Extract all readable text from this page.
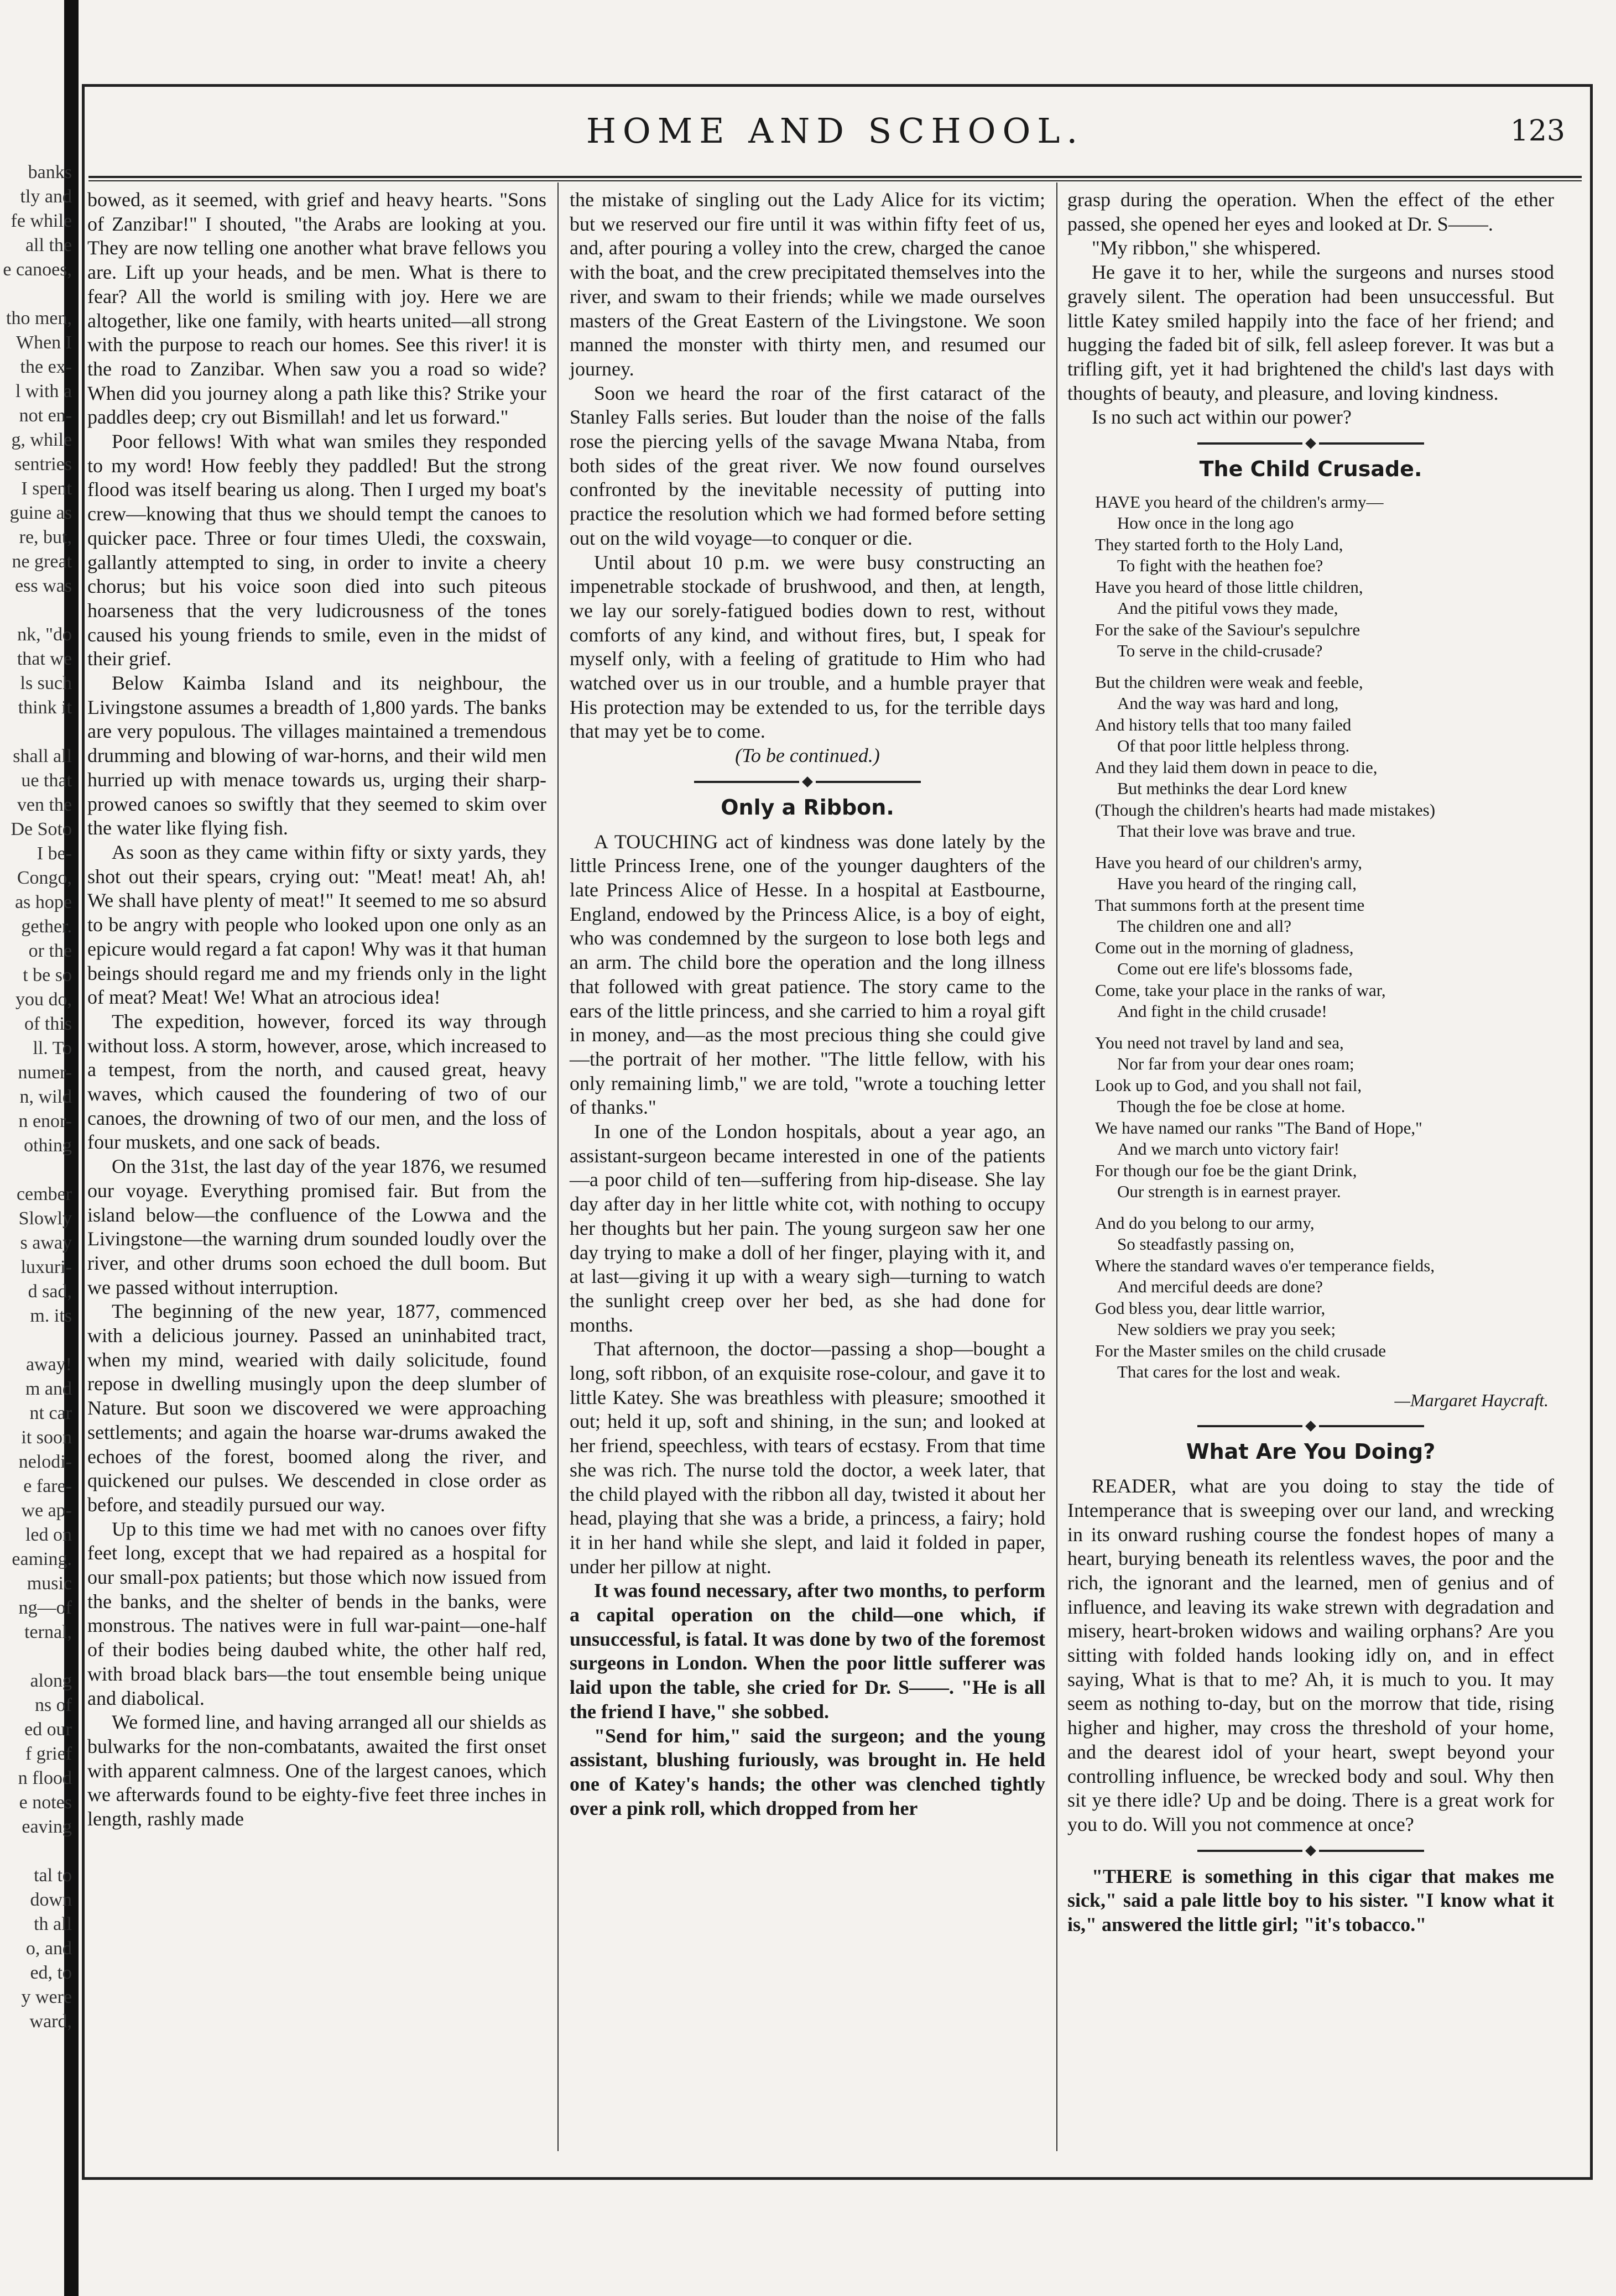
banks
tly and
fe while
all the
e canoes,

tho men,
When I
the ex-
l with a
not en-
g, while
sentries
I spent
guine as
re, but,
ne great
ess was

nk, "do
that we
ls such
think it

shall all
ue that
ven the
De Soto
I be-
Congo,
as hope
gether.
or the
t be so
you do,
of this
ll. To
numer-
n, wild
n enor-
othing

cember
Slowly
s away
luxuri-
d sad,
m. its

away!
m and
nt car
it soon
nelodi-
e fare-
we ap-
led on
eaming.
music
ng—of
ternal,

along
ns of
ed our
f grief
n flood
e notes
eaving

tal to
down
th all
o, and
ed, to
y were
ward,
HOME AND SCHOOL.	123

bowed, as it seemed, with grief and heavy hearts. "Sons of Zanzibar!" I shouted, "the Arabs are looking at you. They are now telling one another what brave fellows you are. Lift up your heads, and be men. What is there to fear? All the world is smiling with joy. Here we are altogether, like one family, with hearts united—all strong with the purpose to reach our homes. See this river! it is the road to Zanzibar. When saw you a road so wide? When did you journey along a path like this? Strike your paddles deep; cry out Bismillah! and let us forward."

Poor fellows! With what wan smiles they responded to my word! How feebly they paddled! But the strong flood was itself bearing us along. Then I urged my boat's crew—knowing that thus we should tempt the canoes to quicker pace. Three or four times Uledi, the coxswain, gallantly attempted to sing, in order to invite a cheery chorus; but his voice soon died into such piteous hoarseness that the very ludicrousness of the tones caused his young friends to smile, even in the midst of their grief.

Below Kaimba Island and its neighbour, the Livingstone assumes a breadth of 1,800 yards. The banks are very populous. The villages maintained a tremendous drumming and blowing of war-horns, and their wild men hurried up with menace towards us, urging their sharp-prowed canoes so swiftly that they seemed to skim over the water like flying fish.

As soon as they came within fifty or sixty yards, they shot out their spears, crying out: "Meat! meat! Ah, ah! We shall have plenty of meat!" It seemed to me so absurd to be angry with people who looked upon one only as an epicure would regard a fat capon! Why was it that human beings should regard me and my friends only in the light of meat? Meat! We! What an atrocious idea!

The expedition, however, forced its way through without loss. A storm, however, arose, which increased to a tempest, from the north, and caused great, heavy waves, which caused the foundering of two of our canoes, the drowning of two of our men, and the loss of four muskets, and one sack of beads.

On the 31st, the last day of the year 1876, we resumed our voyage. Everything promised fair. But from the island below—the confluence of the Lowwa and the Livingstone—the warning drum sounded loudly over the river, and other drums soon echoed the dull boom. But we passed without interruption.

The beginning of the new year, 1877, commenced with a delicious journey. Passed an uninhabited tract, when my mind, wearied with daily solicitude, found repose in dwelling musingly upon the deep slumber of Nature. But soon we discovered we were approaching settlements; and again the hoarse war-drums awaked the echoes of the forest, boomed along the river, and quickened our pulses. We descended in close order as before, and steadily pursued our way.

Up to this time we had met with no canoes over fifty feet long, except that we had repaired as a hospital for our small-pox patients; but those which now issued from the banks, and the shelter of bends in the banks, were monstrous. The natives were in full war-paint—one-half of their bodies being daubed white, the other half red, with broad black bars—the tout ensemble being unique and diabolical.

We formed line, and having arranged all our shields as bulwarks for the non-combatants, awaited the first onset with apparent calmness. One of the largest canoes, which we afterwards found to be eighty-five feet three inches in length, rashly made

the mistake of singling out the Lady Alice for its victim; but we reserved our fire until it was within fifty feet of us, and, after pouring a volley into the crew, charged the canoe with the boat, and the crew precipitated themselves into the river, and swam to their friends; while we made ourselves masters of the Great Eastern of the Livingstone. We soon manned the monster with thirty men, and resumed our journey.

Soon we heard the roar of the first cataract of the Stanley Falls series. But louder than the noise of the falls rose the piercing yells of the savage Mwana Ntaba, from both sides of the great river. We now found ourselves confronted by the inevitable necessity of putting into practice the resolution which we had formed before setting out on the wild voyage—to conquer or die.

Until about 10 p.m. we were busy constructing an impenetrable stockade of brushwood, and then, at length, we lay our sorely-fatigued bodies down to rest, without comforts of any kind, and without fires, but, I speak for myself only, with a feeling of gratitude to Him who had watched over us in our trouble, and a humble prayer that His protection may be extended to us, for the terrible days that may yet be to come.

(To be continued.)

Only a Ribbon.

A TOUCHING act of kindness was done lately by the little Princess Irene, one of the younger daughters of the late Princess Alice of Hesse. In a hospital at Eastbourne, England, endowed by the Princess Alice, is a boy of eight, who was condemned by the surgeon to lose both legs and an arm. The child bore the operation and the long illness that followed with great patience. The story came to the ears of the little princess, and she carried to him a royal gift in money, and—as the most precious thing she could give—the portrait of her mother. "The little fellow, with his only remaining limb," we are told, "wrote a touching letter of thanks."

In one of the London hospitals, about a year ago, an assistant-surgeon became interested in one of the patients—a poor child of ten—suffering from hip-disease. She lay day after day in her little white cot, with nothing to occupy her thoughts but her pain. The young surgeon saw her one day trying to make a doll of her finger, playing with it, and at last—giving it up with a weary sigh—turning to watch the sunlight creep over her bed, as she had done for months.

That afternoon, the doctor—passing a shop—bought a long, soft ribbon, of an exquisite rose-colour, and gave it to little Katey. She was breathless with pleasure; smoothed it out; held it up, soft and shining, in the sun; and looked at her friend, speechless, with tears of ecstasy. From that time she was rich. The nurse told the doctor, a week later, that the child played with the ribbon all day, twisted it about her head, playing that she was a bride, a princess, a fairy; hold it in her hand while she slept, and laid it folded in paper, under her pillow at night.

It was found necessary, after two months, to perform a capital operation on the child—one which, if unsuccessful, is fatal. It was done by two of the foremost surgeons in London. When the poor little sufferer was laid upon the table, she cried for Dr. S——. "He is all the friend I have," she sobbed.

"Send for him," said the surgeon; and the young assistant, blushing furiously, was brought in. He held one of Katey's hands; the other was clenched tightly over a pink roll, which dropped from her

grasp during the operation. When the effect of the ether passed, she opened her eyes and looked at Dr. S——.

"My ribbon," she whispered.

He gave it to her, while the surgeons and nurses stood gravely silent. The operation had been unsuccessful. But little Katey smiled happily into the face of her friend; and hugging the faded bit of silk, fell asleep forever. It was but a trifling gift, yet it had brightened the child's last days with thoughts of beauty, and pleasure, and loving kindness.

Is no such act within our power?

The Child Crusade.
HAVE you heard of the children's army—
How once in the long ago
They started forth to the Holy Land,
To fight with the heathen foe?
Have you heard of those little children,
And the pitiful vows they made,
For the sake of the Saviour's sepulchre
To serve in the child-crusade?
But the children were weak and feeble,
And the way was hard and long,
And history tells that too many failed
Of that poor little helpless throng.
And they laid them down in peace to die,
But methinks the dear Lord knew
(Though the children's hearts had made mistakes)
That their love was brave and true.
Have you heard of our children's army,
Have you heard of the ringing call,
That summons forth at the present time
The children one and all?
Come out in the morning of gladness,
Come out ere life's blossoms fade,
Come, take your place in the ranks of war,
And fight in the child crusade!
You need not travel by land and sea,
Nor far from your dear ones roam;
Look up to God, and you shall not fail,
Though the foe be close at home.
We have named our ranks "The Band of Hope,"
And we march unto victory fair!
For though our foe be the giant Drink,
Our strength is in earnest prayer.
And do you belong to our army,
So steadfastly passing on,
Where the standard waves o'er temperance fields,
And merciful deeds are done?
God bless you, dear little warrior,
New soldiers we pray you seek;
For the Master smiles on the child crusade
That cares for the lost and weak.
—Margaret Haycraft.
What Are You Doing?

READER, what are you doing to stay the tide of Intemperance that is sweeping over our land, and wrecking in its onward rushing course the fondest hopes of many a heart, burying beneath its relentless waves, the poor and the rich, the ignorant and the learned, men of genius and of influence, and leaving its wake strewn with degradation and misery, heart-broken widows and wailing orphans? Are you sitting with folded hands looking idly on, and in effect saying, What is that to me? Ah, it is much to you. It may seem as nothing to-day, but on the morrow that tide, rising higher and higher, may cross the threshold of your home, and the dearest idol of your heart, swept beyond your controlling influence, be wrecked body and soul. Why then sit ye there idle? Up and be doing. There is a great work for you to do. Will you not commence at once?

"THERE is something in this cigar that makes me sick," said a pale little boy to his sister. "I know what it is," answered the little girl; "it's tobacco."
